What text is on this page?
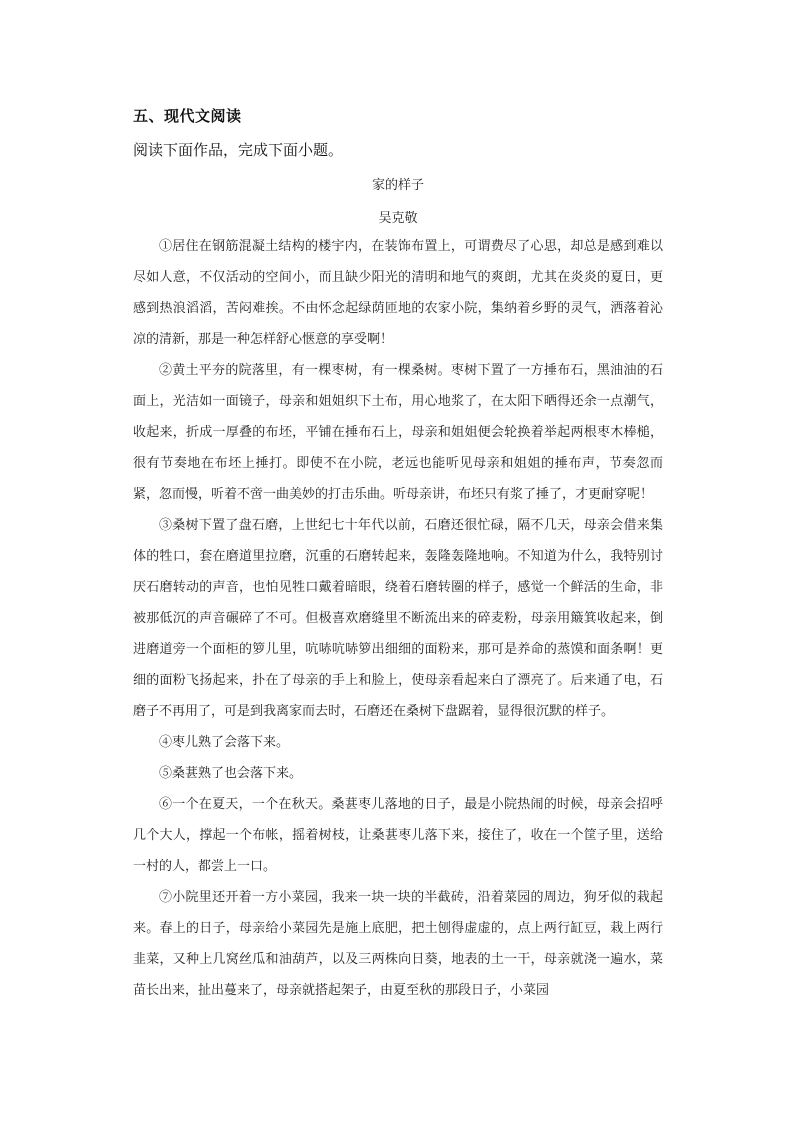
五、现代文阅读
阅读下面作品，完成下面小题。
家的样子
吴克敬

①居住在钢筋混凝土结构的楼宇内，在装饰布置上，可谓费尽了心思，却总是感到难以尽如人意，不仅活动的空间小，而且缺少阳光的清明和地气的爽朗，尤其在炎炎的夏日，更感到热浪滔滔，苦闷难挨。不由怀念起绿荫匝地的农家小院，集纳着乡野的灵气，洒落着沁凉的清新，那是一种怎样舒心惬意的享受啊！

②黄土平夯的院落里，有一棵枣树，有一棵桑树。枣树下置了一方捶布石，黑油油的石面上，光洁如一面镜子，母亲和姐姐织下土布，用心地浆了，在太阳下晒得还余一点潮气，收起来，折成一厚叠的布坯，平铺在捶布石上，母亲和姐姐便会轮换着举起两根枣木棒槌，很有节奏地在布坯上捶打。即使不在小院，老远也能听见母亲和姐姐的捶布声，节奏忽而紧，忽而慢，听着不啻一曲美妙的打击乐曲。听母亲讲，布坯只有浆了捶了，才更耐穿呢！

③桑树下置了盘石磨，上世纪七十年代以前，石磨还很忙碌，隔不几天，母亲会借来集体的牲口，套在磨道里拉磨，沉重的石磨转起来，轰隆轰隆地响。不知道为什么，我特别讨厌石磨转动的声音，也怕见牲口戴着暗眼，绕着石磨转圈的样子，感觉一个鲜活的生命，非被那低沉的声音碾碎了不可。但极喜欢磨缝里不断流出来的碎麦粉，母亲用簸箕收起来，倒进磨道旁一个面柜的箩儿里，吭哧吭哧箩出细细的面粉来，那可是养命的蒸馍和面条啊！更细的面粉飞扬起来，扑在了母亲的手上和脸上，使母亲看起来白了漂亮了。后来通了电，石磨子不再用了，可是到我离家而去时，石磨还在桑树下盘踞着，显得很沉默的样子。

④枣儿熟了会落下来。

⑤桑葚熟了也会落下来。

⑥一个在夏天，一个在秋天。桑葚枣儿落地的日子，最是小院热闹的时候，母亲会招呼几个大人，撑起一个布帐，摇着树枝，让桑葚枣儿落下来，接住了，收在一个筐子里，送给一村的人，都尝上一口。

⑦小院里还开着一方小菜园，我来一块一块的半截砖，沿着菜园的周边，狗牙似的栽起来。春上的日子，母亲给小菜园先是施上底肥，把土刨得虚虚的，点上两行缸豆，栽上两行韭菜，又种上几窝丝瓜和油葫芦，以及三两株向日葵，地表的土一干，母亲就浇一遍水，菜苗长出来，扯出蔓来了，母亲就搭起架子，由夏至秋的那段日子，小菜园
